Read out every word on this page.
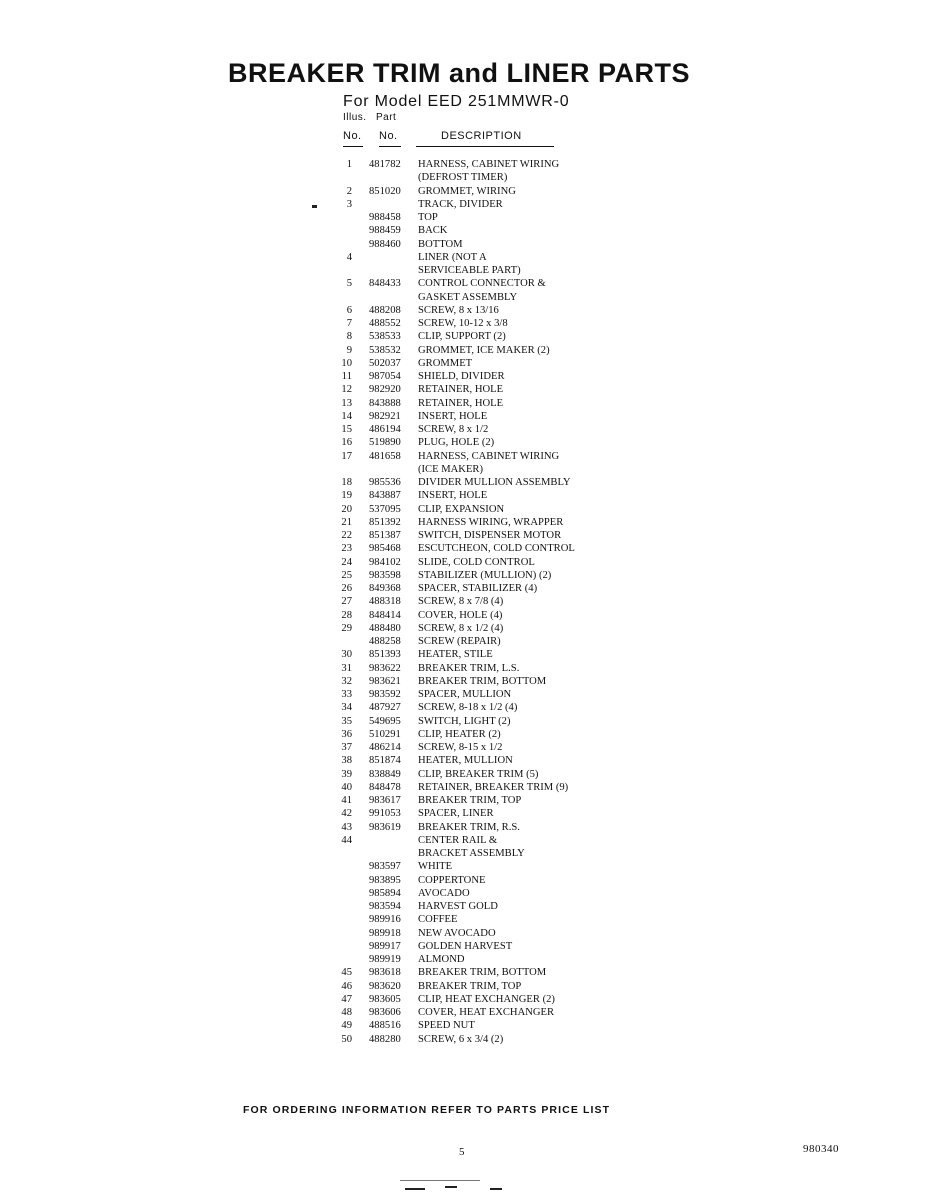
BREAKER TRIM and LINER PARTS
For Model EED 251MMWR-0
Illus. Part
No. No.	DESCRIPTION
1 481782 HARNESS, CABINET WIRING
(DEFROST TIMER)
2 851020 GROMMET, WIRING
3	TRACK, DIVIDER
988458 TOP
988459 BACK
988460 BOTTOM
4	LINER (NOT A
SERVICEABLE PART)
5 848433 CONTROL CONNECTOR &
GASKET ASSEMBLY
6 488208 SCREW, 8 x 13/16
7 488552 SCREW, 10-12 x 3/8
8 538533 CLIP, SUPPORT (2)
9 538532 GROMMET, ICE MAKER (2)
10 502037 GROMMET
11 987054 SHIELD, DIVIDER
12 982920 RETAINER, HOLE
13 843888 RETAINER, HOLE
14 982921 INSERT, HOLE
15 486194 SCREW, 8 x 1/2
16 519890 PLUG, HOLE (2)
17 481658 HARNESS, CABINET WIRING
(ICE MAKER)
18 985536 DIVIDER MULLION ASSEMBLY
19 843887 INSERT, HOLE
20 537095 CLIP, EXPANSION
21 851392 HARNESS WIRING, WRAPPER
22 851387 SWITCH, DISPENSER MOTOR
23 985468 ESCUTCHEON, COLD CONTROL
24 984102 SLIDE, COLD CONTROL
25 983598 STABILIZER (MULLION) (2)
26 849368 SPACER, STABILIZER (4)
27 488318 SCREW, 8 x 7/8 (4)
28 848414 COVER, HOLE (4)
29 488480 SCREW, 8 x 1/2 (4)
488258 SCREW (REPAIR)
30 851393 HEATER, STILE
31 983622 BREAKER TRIM, L.S.
32 983621 BREAKER TRIM, BOTTOM
33 983592 SPACER, MULLION
34 487927 SCREW, 8-18 x 1/2 (4)
35 549695 SWITCH, LIGHT (2)
36 510291 CLIP, HEATER (2)
37 486214 SCREW, 8-15 x 1/2
38 851874 HEATER, MULLION
39 838849 CLIP, BREAKER TRIM (5)
40 848478 RETAINER, BREAKER TRIM (9)
41 983617 BREAKER TRIM, TOP
42 991053 SPACER, LINER
43 983619 BREAKER TRIM, R.S.
44	CENTER RAIL &
BRACKET ASSEMBLY
983597 WHITE
983895 COPPERTONE
985894 AVOCADO
983594 HARVEST GOLD
989916 COFFEE
989918 NEW AVOCADO
989917 GOLDEN HARVEST
989919 ALMOND
45 983618 BREAKER TRIM, BOTTOM
46 983620 BREAKER TRIM, TOP
47 983605 CLIP, HEAT EXCHANGER (2)
48 983606 COVER, HEAT EXCHANGER
49 488516 SPEED NUT
50 488280 SCREW, 6 x 3/4 (2)
FOR ORDERING INFORMATION REFER TO PARTS PRICE LIST
5	980340
